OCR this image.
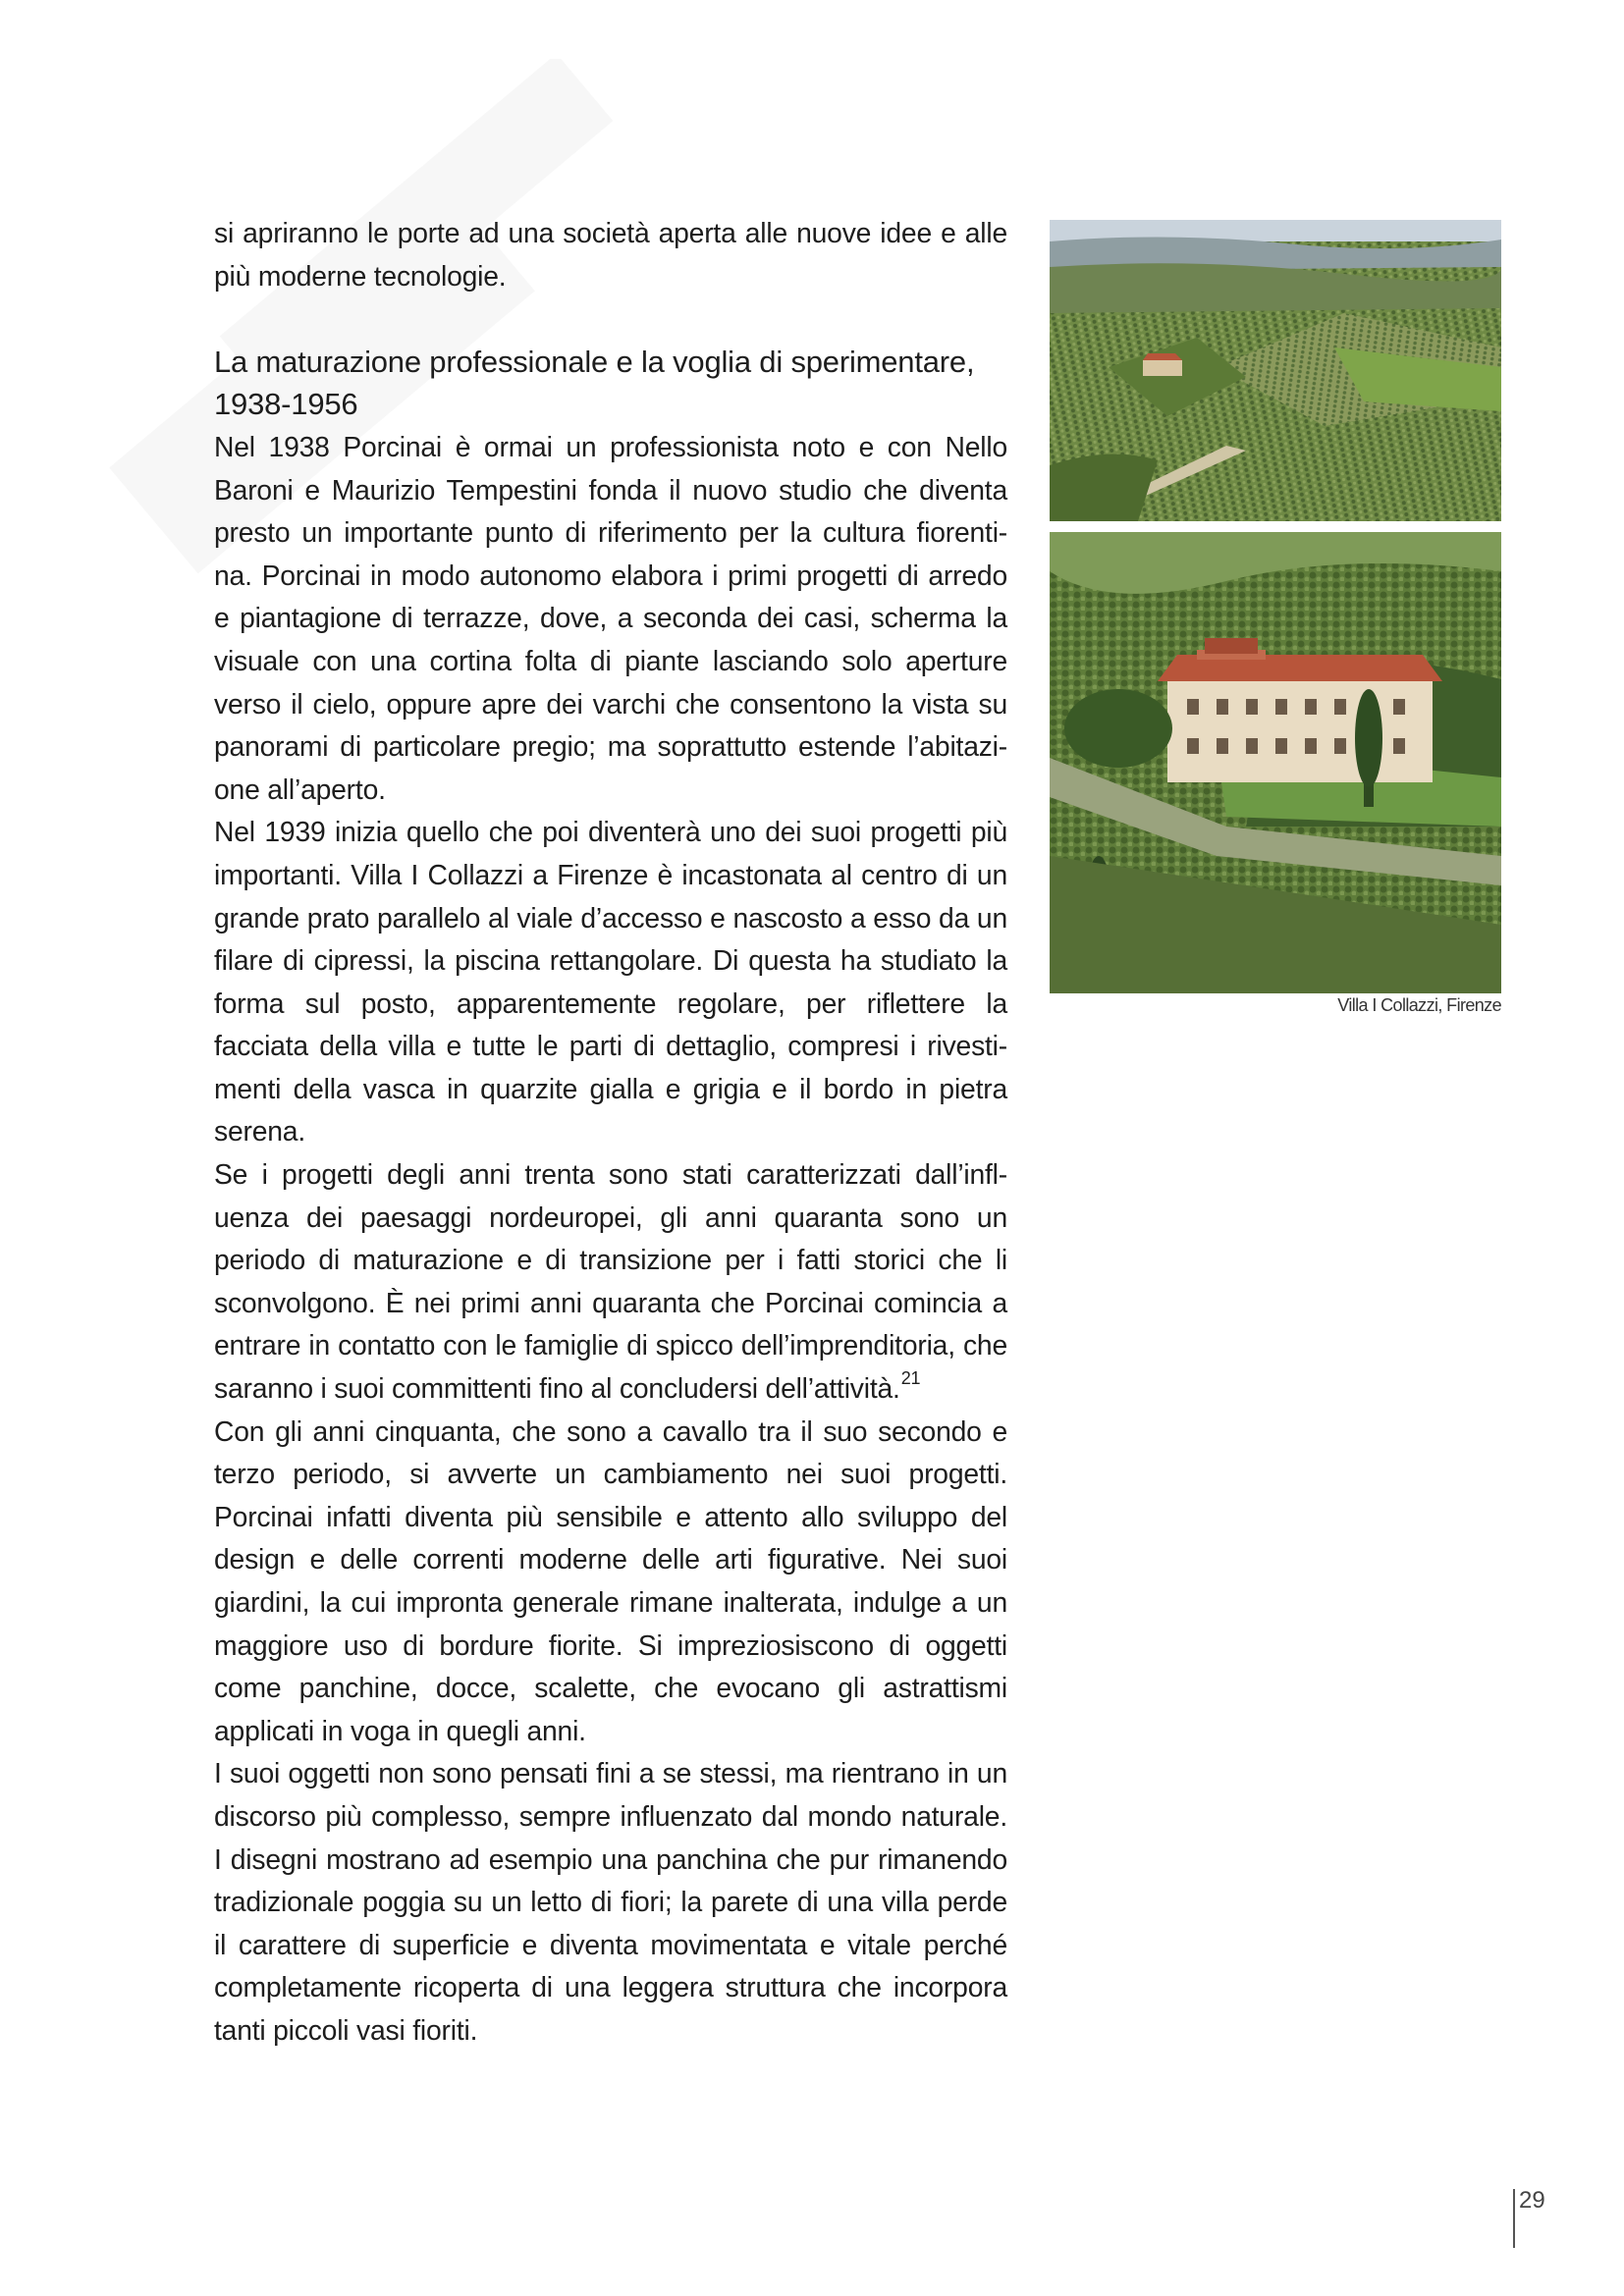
si apriranno le porte ad una società aperta alle nuove idee e alle più moderne tecnologie.

La maturazione professionale e la voglia di sperimentare, 1938-1956

Nel 1938 Porcinai è ormai un professionista noto e con Nello Baroni e Maurizio Tempestini fonda il nuovo studio che diventa presto un importante punto di riferimento per la cultura fiorenti-na. Porcinai in modo autonomo elabora i primi progetti di arredo e piantagione di terrazze, dove, a seconda dei casi, scherma la visuale con una cortina folta di piante lasciando solo aperture verso il cielo, oppure apre dei varchi che consentono la vista su panorami di particolare pregio; ma soprattutto estende l’abitazi-one all’aperto.

Nel 1939 inizia quello che poi diventerà uno dei suoi progetti più importanti. Villa I Collazzi a Firenze è incastonata al centro di un grande prato parallelo al viale d’accesso e nascosto a esso da un filare di cipressi, la piscina rettangolare. Di questa ha studiato la forma sul posto, apparentemente regolare, per riflettere la facciata della villa e tutte le parti di dettaglio, compresi i rivesti-menti della vasca in quarzite gialla e grigia e il bordo in pietra serena.

Se i progetti degli anni trenta sono stati caratterizzati dall’infl-uenza dei paesaggi nordeuropei, gli anni quaranta sono un periodo di maturazione e di transizione per i fatti storici che li sconvolgono. È nei primi anni quaranta che Porcinai comincia a entrare in contatto con le famiglie di spicco dell’imprenditoria, che saranno i suoi committenti fino al concludersi dell’attività.$^{21}$

Con gli anni cinquanta, che sono a cavallo tra il suo secondo e terzo periodo, si avverte un cambiamento nei suoi progetti. Porcinai infatti diventa più sensibile e attento allo sviluppo del design e delle correnti moderne delle arti figurative. Nei suoi giardini, la cui impronta generale rimane inalterata, indulge a un maggiore uso di bordure fiorite. Si impreziosiscono di oggetti come panchine, docce, scalette, che evocano gli astrattismi applicati in voga in quegli anni.

I suoi oggetti non sono pensati fini a se stessi, ma rientrano in un discorso più complesso, sempre influenzato dal mondo naturale. I disegni mostrano ad esempio una panchina che pur rimanendo tradizionale poggia su un letto di fiori; la parete di una villa perde il carattere di superficie e diventa movimentata e vitale perché completamente ricoperta di una leggera struttura che incorpora tanti piccoli vasi fioriti.

Villa I Collazzi, Firenze
29
